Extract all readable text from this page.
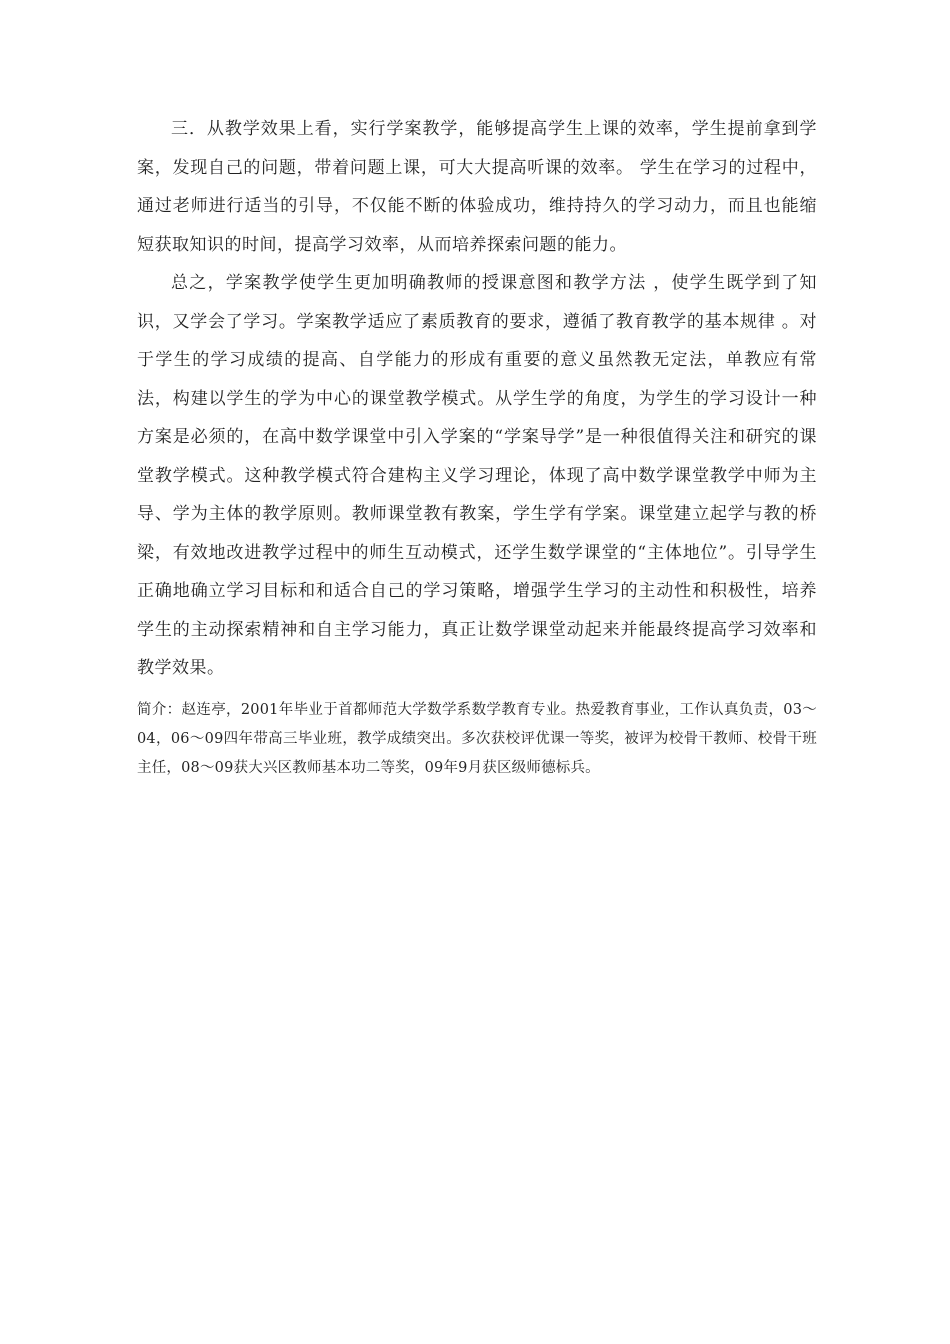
三．从教学效果上看，实行学案教学，能够提高学生上课的效率，学生提前拿到学案，发现自己的问题，带着问题上课，可大大提高听课的效率。 学生在学习的过程中，通过老师进行适当的引导，不仅能不断的体验成功，维持持久的学习动力，而且也能缩短获取知识的时间，提高学习效率，从而培养探索问题的能力。

总之，学案教学使学生更加明确教师的授课意图和教学方法 ，使学生既学到了知识，又学会了学习。学案教学适应了素质教育的要求，遵循了教育教学的基本规律 。对于学生的学习成绩的提高、自学能力的形成有重要的意义虽然教无定法，单教应有常法，构建以学生的学为中心的课堂教学模式。从学生学的角度，为学生的学习设计一种方案是必须的，在高中数学课堂中引入学案的“学案导学”是一种很值得关注和研究的课堂教学模式。这种教学模式符合建构主义学习理论，体现了高中数学课堂教学中师为主导、学为主体的教学原则。教师课堂教有教案，学生学有学案。课堂建立起学与教的桥梁，有效地改进教学过程中的师生互动模式，还学生数学课堂的“主体地位”。引导学生正确地确立学习目标和和适合自己的学习策略，增强学生学习的主动性和积极性，培养学生的主动探索精神和自主学习能力，真正让数学课堂动起来并能最终提高学习效率和教学效果。

简介：赵连亭，2001年毕业于首都师范大学数学系数学教育专业。热爱教育事业，工作认真负责，03～04，06～09四年带高三毕业班，教学成绩突出。多次获校评优课一等奖，被评为校骨干教师、校骨干班主任，08～09获大兴区教师基本功二等奖，09年9月获区级师德标兵。
